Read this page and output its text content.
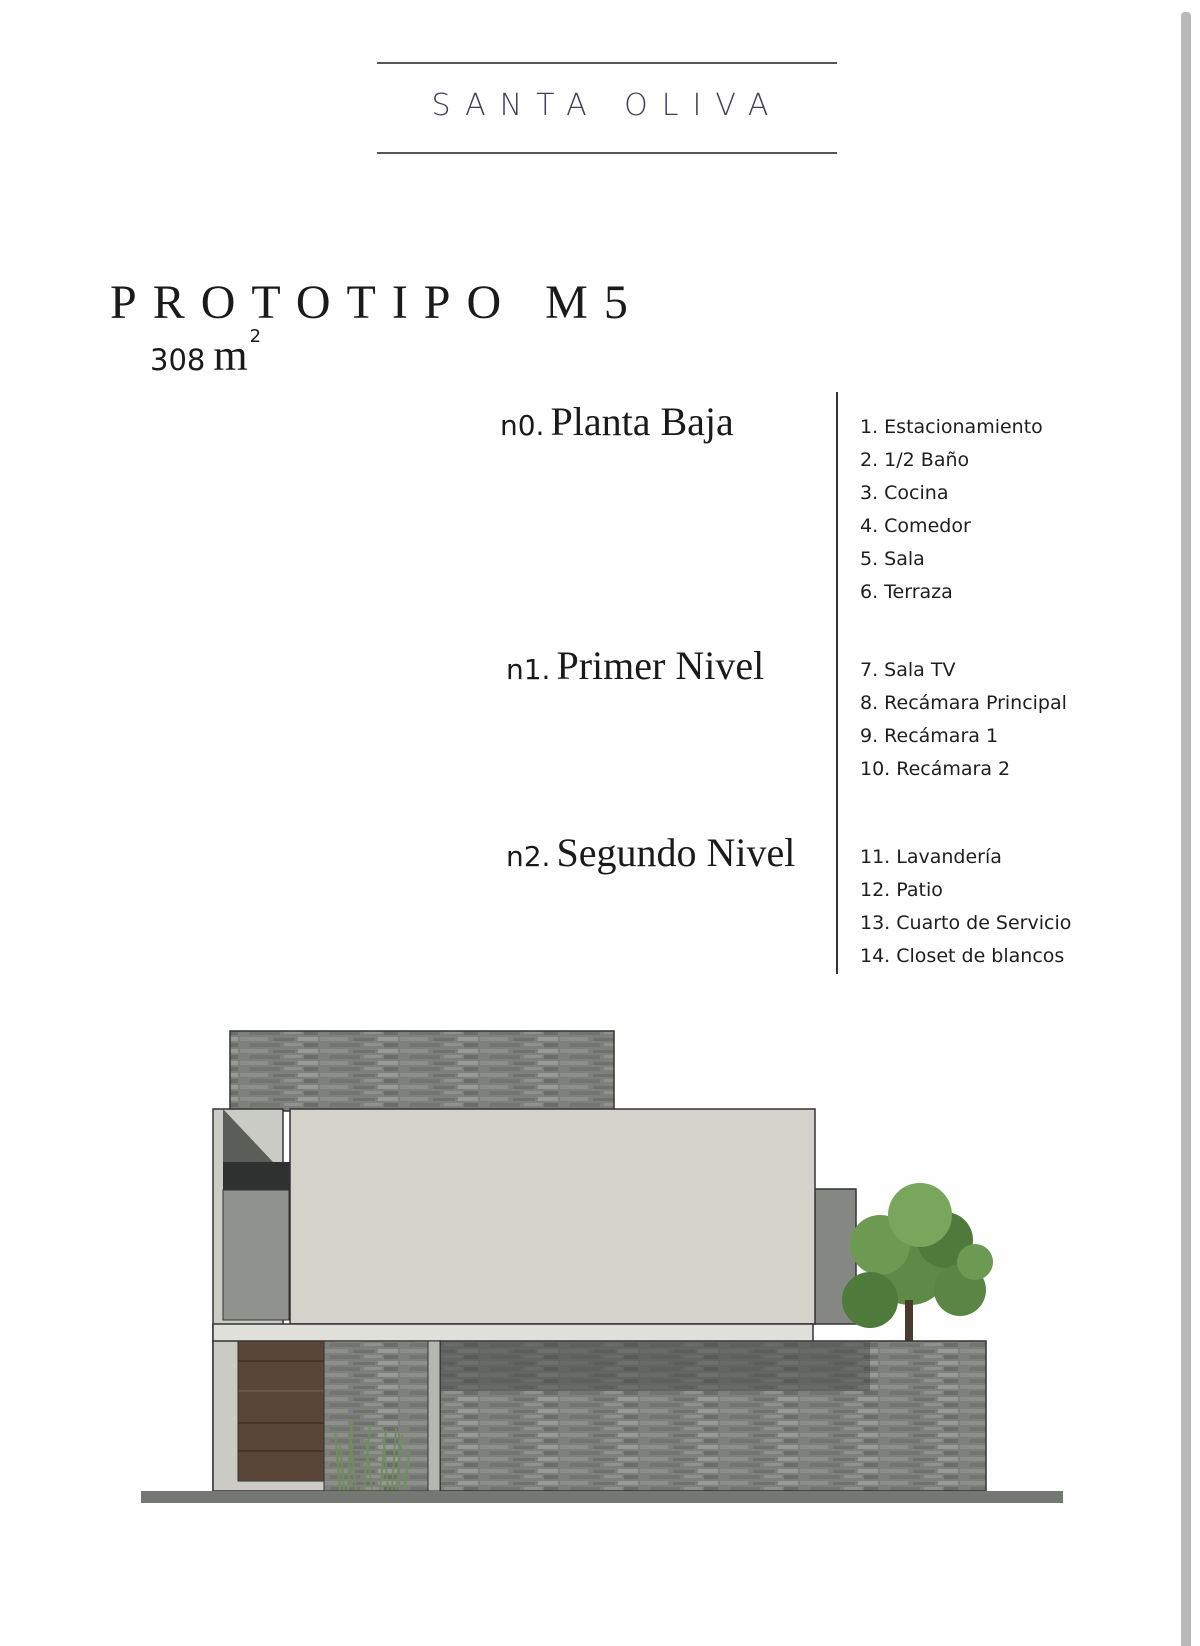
SANTA OLIVA
PROTOTIPO M5
308 m 2
n0. Planta Baja	1. Estacionamiento
2. 1/2 Baño
3. Cocina
4. Comedor
5. Sala
6. Terraza
n1. Primer Nivel	7. Sala TV
8. Recámara Principal
9. Recámara 1
10. Recámara 2
n2. Segundo Nivel	11. Lavandería
12. Patio
13. Cuarto de Servicio
14. Closet de blancos
